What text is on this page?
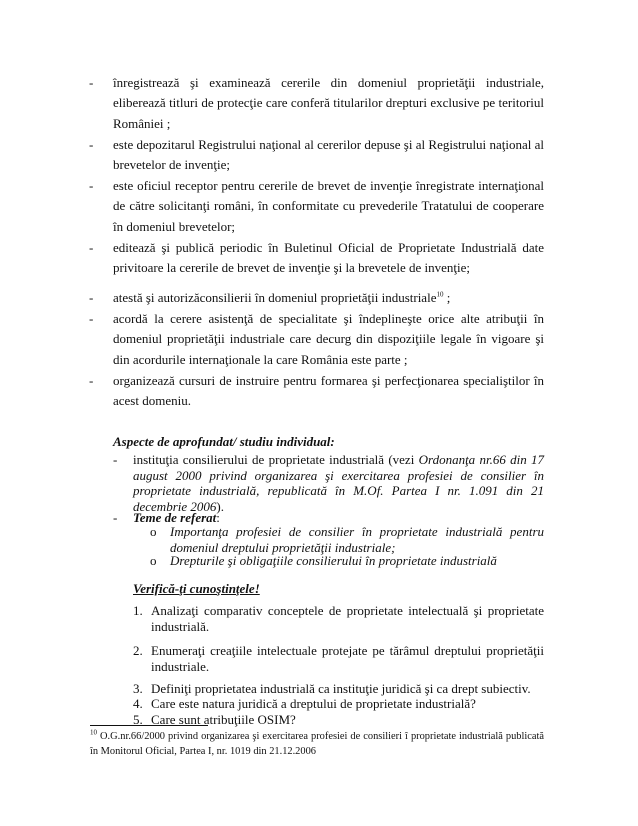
- înregistrează şi examinează cererile din domeniul proprietăţii industriale, eliberează titluri de protecţie care conferă titularilor drepturi exclusive pe teritoriul României ;
- este depozitarul Registrului naţional al cererilor depuse şi al Registrului naţional al brevetelor de invenţie;
- este oficiul receptor pentru cererile de brevet de invenţie înregistrate internaţional de către solicitanţi români, în conformitate cu prevederile Tratatului de cooperare în domeniul brevetelor;
- editează şi publică periodic în Buletinul Oficial de Proprietate Industrială date privitoare la cererile de brevet de invenţie şi la brevetele de invenţie;
- atestă şi autorizăconsilierii în domeniul proprietăţii industriale$^{10}$ ;
- acordă la cerere asistenţă de specialitate şi îndeplineşte orice alte atribuţii în domeniul proprietăţii industriale care decurg din dispoziţiile legale în vigoare şi din acordurile internaţionale la care România este parte ;
- organizează cursuri de instruire pentru formarea şi perfecţionarea specialiştilor în acest domeniu.
Aspecte de aprofundat/ studiu individual:
- instituţia consilierului de proprietate industrială (vezi Ordonanţa nr.66 din 17 august 2000 privind organizarea şi exercitarea profesiei de consilier în proprietate industrială, republicată în M.Of. Partea I nr. 1.091 din 21 decembrie 2006).
- Teme de referat:
o Importanţa profesiei de consilier în proprietate industrială pentru domeniul dreptului proprietăţii industriale;
o Drepturile şi obligaţiile consilierului în proprietate industrială
Verifică-ţi cunoştinţele!
1. Analizaţi comparativ conceptele de proprietate intelectuală şi proprietate industrială.
2. Enumeraţi creaţiile intelectuale protejate pe tărâmul dreptului proprietăţii industriale.
3. Definiţi proprietatea industrială ca instituţie juridică şi ca drept subiectiv.
4. Care este natura juridică a dreptului de proprietate industrială?
5. Care sunt atribuţiile OSIM?
$^{10}$ O.G.nr.66/2000 privind organizarea şi exercitarea profesiei de consilieri î proprietate industrială publicată în Monitorul Oficial, Partea I, nr. 1019 din 21.12.2006
